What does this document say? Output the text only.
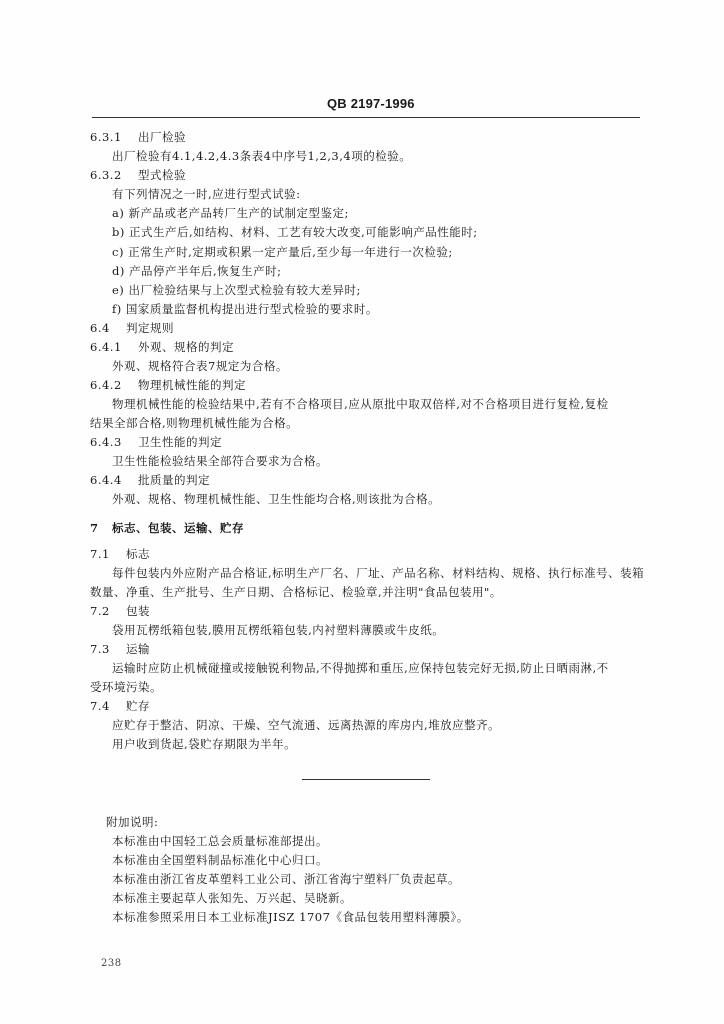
QB 2197-1996
6.3.1 出厂检验
出厂检验有4.1,4.2,4.3条表4中序号1,2,3,4项的检验。
6.3.2 型式检验
有下列情况之一时,应进行型式试验:
a) 新产品或老产品转厂生产的试制定型鉴定;
b) 正式生产后,如结构、材料、工艺有较大改变,可能影响产品性能时;
c) 正常生产时,定期或积累一定产量后,至少每一年进行一次检验;
d) 产品停产半年后,恢复生产时;
e) 出厂检验结果与上次型式检验有较大差异时;
f) 国家质量监督机构提出进行型式检验的要求时。
6.4 判定规则
6.4.1 外观、规格的判定
外观、规格符合表7规定为合格。
6.4.2 物理机械性能的判定
物理机械性能的检验结果中,若有不合格项目,应从原批中取双倍样,对不合格项目进行复检,复检
结果全部合格,则物理机械性能为合格。
6.4.3 卫生性能的判定
卫生性能检验结果全部符合要求为合格。
6.4.4 批质量的判定
外观、规格、物理机械性能、卫生性能均合格,则该批为合格。
7 标志、包装、运输、贮存
7.1 标志
每件包装内外应附产品合格证,标明生产厂名、厂址、产品名称、材料结构、规格、执行标准号、装箱
数量、净重、生产批号、生产日期、合格标记、检验章,并注明"食品包装用"。
7.2 包装
袋用瓦楞纸箱包装,膜用瓦楞纸箱包装,内衬塑料薄膜或牛皮纸。
7.3 运输
运输时应防止机械碰撞或接触锐利物品,不得抛掷和重压,应保持包装完好无损,防止日晒雨淋,不
受环境污染。
7.4 贮存
应贮存于整洁、阴凉、干燥、空气流通、远离热源的库房内,堆放应整齐。
用户收到货起,袋贮存期限为半年。
附加说明:
本标准由中国轻工总会质量标准部提出。
本标准由全国塑料制品标准化中心归口。
本标准由浙江省皮革塑料工业公司、浙江省海宁塑料厂负责起草。
本标准主要起草人张知先、万兴起、吴晓新。
本标准参照采用日本工业标准JISZ 1707《食品包装用塑料薄膜》。
238
